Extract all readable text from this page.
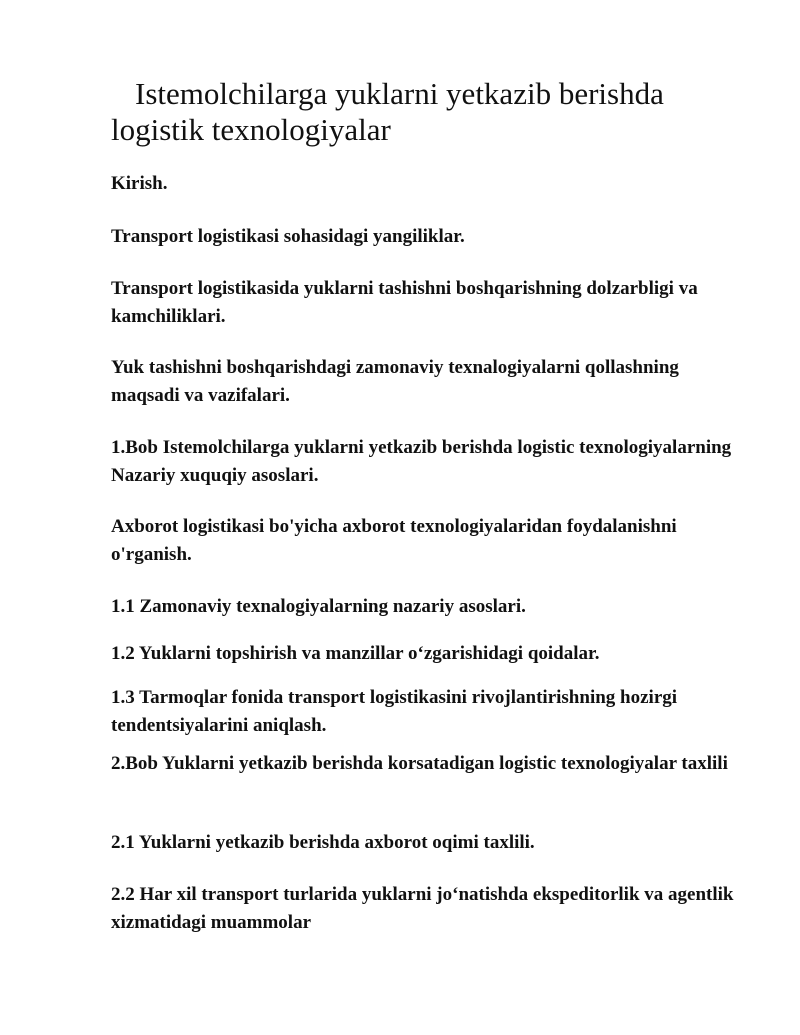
Istemolchilarga yuklarni yetkazib berishda logistik texnologiyalar

Kirish.

Transport logistikasi sohasidagi yangiliklar.

Transport logistikasida yuklarni tashishni boshqarishning dolzarbligi va kamchiliklari.

Yuk tashishni boshqarishdagi zamonaviy texnalogiyalarni qollashning maqsadi va vazifalari.

1.Bob Istemolchilarga yuklarni yetkazib berishda logistic texnologiyalarning Nazariy xuquqiy asoslari.

Axborot logistikasi bo'yicha axborot texnologiyalaridan foydalanishni o'rganish.

1.1 Zamonaviy texnalogiyalarning nazariy asoslari.

1.2 Yuklarni topshirish va manzillar oʻzgarishidagi qoidalar.

1.3 Tarmoqlar fonida transport logistikasini rivojlantirishning hozirgi tendentsiyalarini aniqlash.

2.Bob Yuklarni yetkazib berishda korsatadigan logistic texnologiyalar taxlili

2.1 Yuklarni yetkazib berishda axborot oqimi taxlili.

2.2 Har xil transport turlarida yuklarni joʻnatishda ekspeditorlik va agentlik xizmatidagi muammolar
